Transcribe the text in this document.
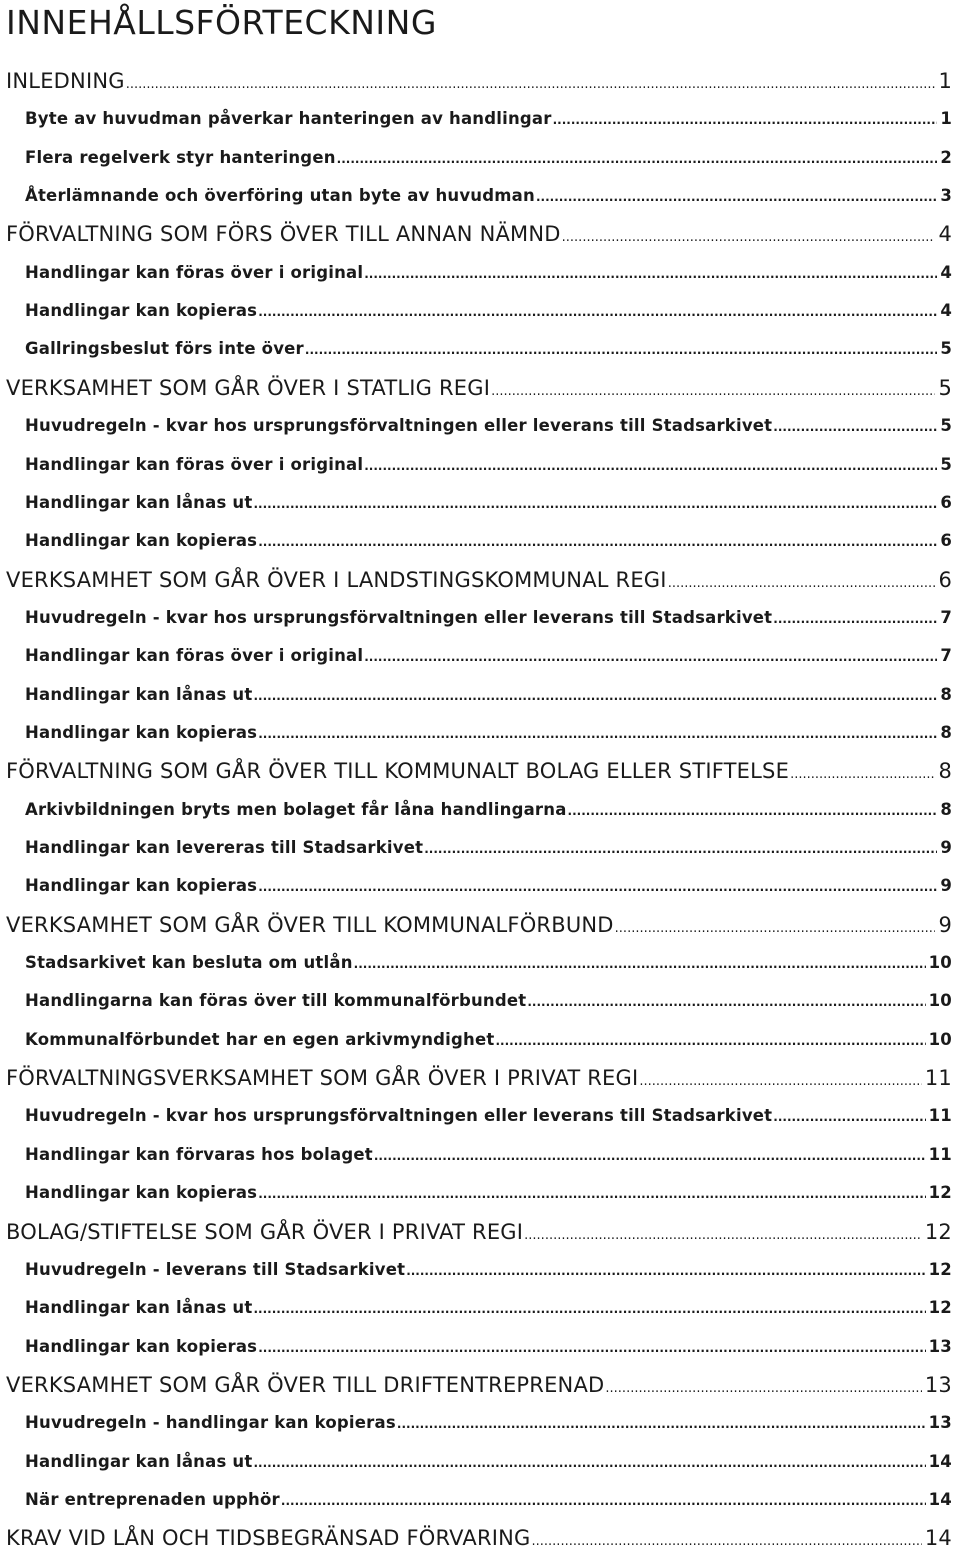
INNEHÅLLSFÖRTECKNING
INLEDNING .....	1
Byte av huvudman påverkar hanteringen av handlingar .....	1
Flera regelverk styr hanteringen .....	2
Återlämnande och överföring utan byte av huvudman .....	3
FÖRVALTNING SOM FÖRS ÖVER TILL ANNAN NÄMND .....	4
Handlingar kan föras över i original .....	4
Handlingar kan kopieras .....	4
Gallringsbeslut förs inte över .....	5
VERKSAMHET SOM GÅR ÖVER I STATLIG REGI .....	5
Huvudregeln - kvar hos ursprungsförvaltningen eller leverans till Stadsarkivet .....	5
Handlingar kan föras över i original .....	5
Handlingar kan lånas ut .....	6
Handlingar kan kopieras .....	6
VERKSAMHET SOM GÅR ÖVER I LANDSTINGSKOMMUNAL REGI .....	6
Huvudregeln - kvar hos ursprungsförvaltningen eller leverans till Stadsarkivet .....	7
Handlingar kan föras över i original .....	7
Handlingar kan lånas ut .....	8
Handlingar kan kopieras .....	8
FÖRVALTNING SOM GÅR ÖVER TILL KOMMUNALT BOLAG ELLER STIFTELSE .....	8
Arkivbildningen bryts men bolaget får låna handlingarna .....	8
Handlingar kan levereras till Stadsarkivet .....	9
Handlingar kan kopieras .....	9
VERKSAMHET SOM GÅR ÖVER TILL KOMMUNALFÖRBUND .....	9
Stadsarkivet kan besluta om utlån .....	10
Handlingarna kan föras över till kommunalförbundet .....	10
Kommunalförbundet har en egen arkivmyndighet .....	10
FÖRVALTNINGSVERKSAMHET SOM GÅR ÖVER I PRIVAT REGI .....	11
Huvudregeln - kvar hos ursprungsförvaltningen eller leverans till Stadsarkivet .....	11
Handlingar kan förvaras hos bolaget .....	11
Handlingar kan kopieras .....	12
BOLAG/STIFTELSE SOM GÅR ÖVER I PRIVAT REGI .....	12
Huvudregeln - leverans till Stadsarkivet .....	12
Handlingar kan lånas ut .....	12
Handlingar kan kopieras .....	13
VERKSAMHET SOM GÅR ÖVER TILL DRIFTENTREPRENAD .....	13
Huvudregeln - handlingar kan kopieras .....	13
Handlingar kan lånas ut .....	14
När entreprenaden upphör .....	14
KRAV VID LÅN OCH TIDSBEGRÄNSAD FÖRVARING .....	14
